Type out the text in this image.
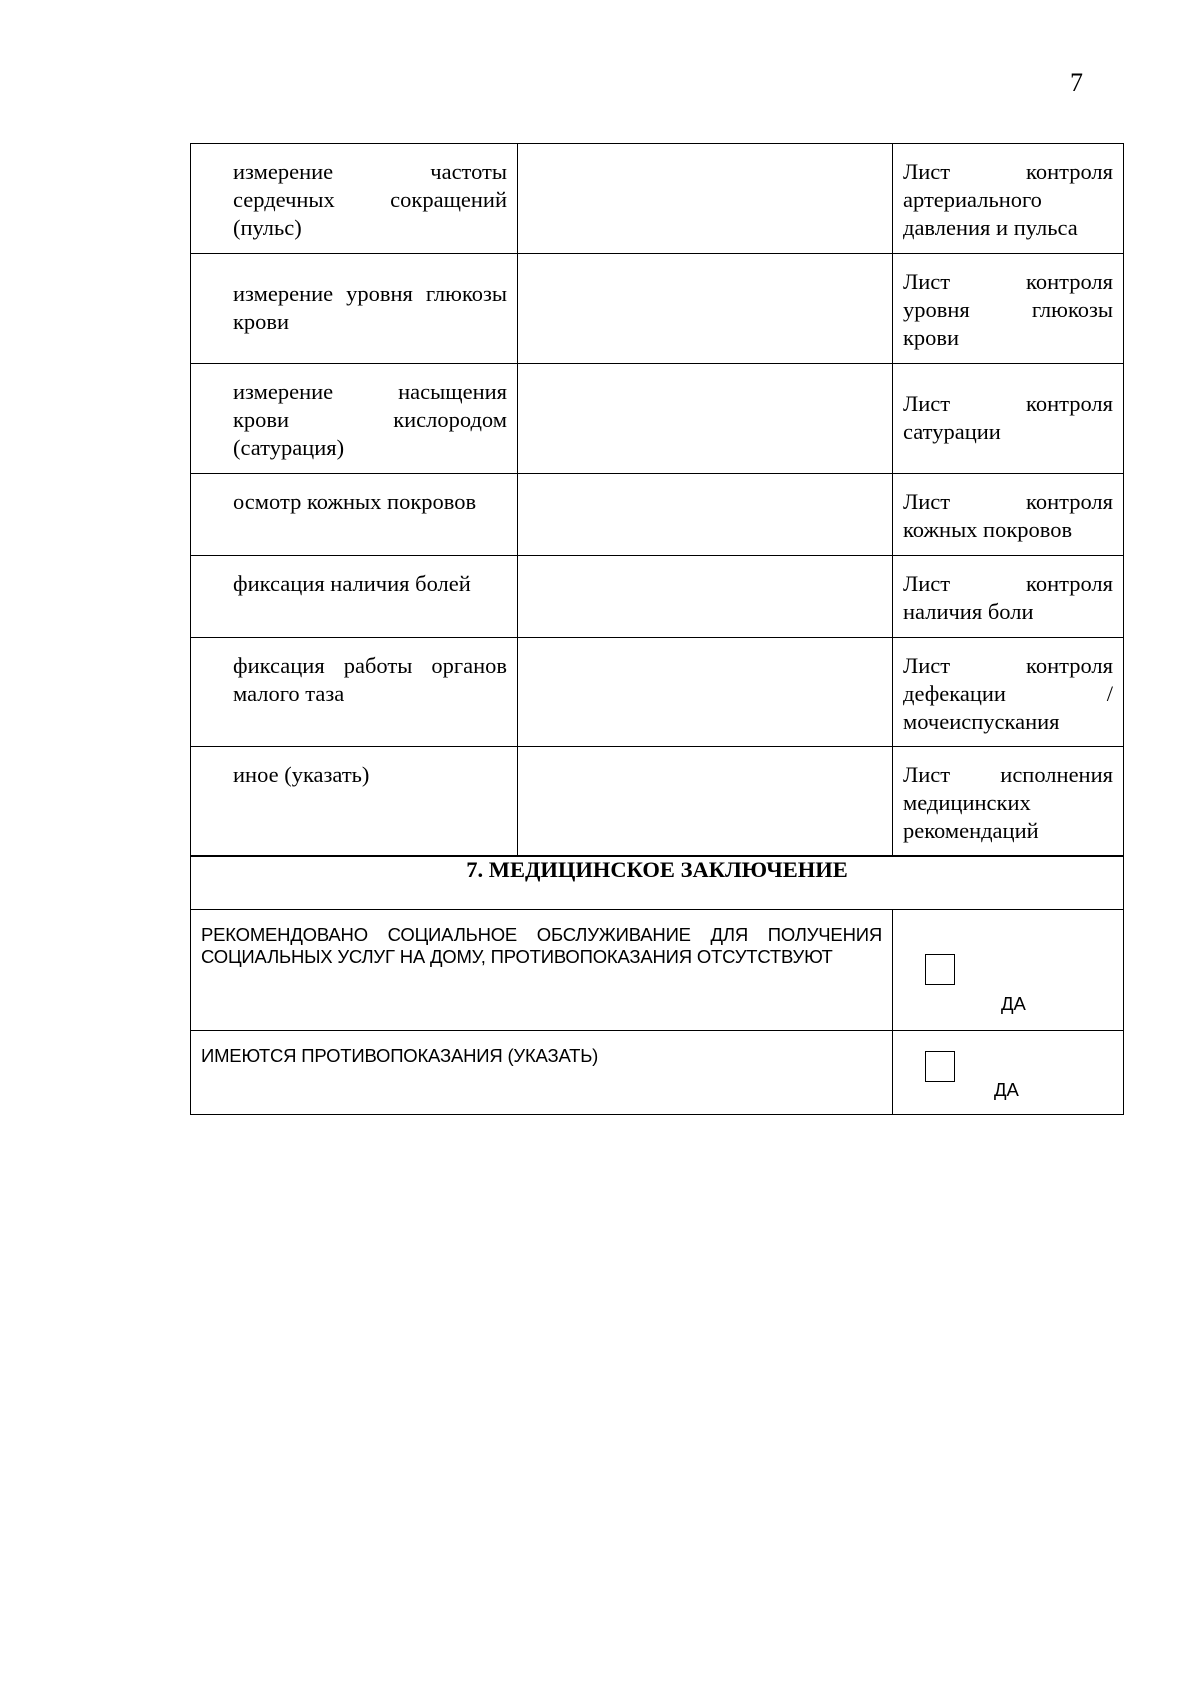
7
измерение частоты сердечных сокращений (пульс)		Лист контроля артериального давления и пульса

измерение уровня глюкозы крови		Лист контроля уровня глюкозы крови

измерение насыщения крови кислородом (сатурация)		Лист контроля сатурации

осмотр кожных покровов		Лист контроля кожных покровов

фиксация наличия болей		Лист контроля наличия боли

фиксация работы органов малого таза		Лист контроля дефекации /мочеиспускания

иное (указать)		Лист исполнения медицинских рекомендаций

7. МЕДИЦИНСКОЕ ЗАКЛЮЧЕНИЕ		

РЕКОМЕНДОВАНО СОЦИАЛЬНОЕ ОБСЛУЖИВАНИЕ ДЛЯ ПОЛУЧЕНИЯ СОЦИАЛЬНЫХ УСЛУГ НА ДОМУ, ПРОТИВОПОКАЗАНИЯ ОТСУТСТВУЮТ		ДА

ИМЕЮТСЯ ПРОТИВОПОКАЗАНИЯ (УКАЗАТЬ)		ДА
